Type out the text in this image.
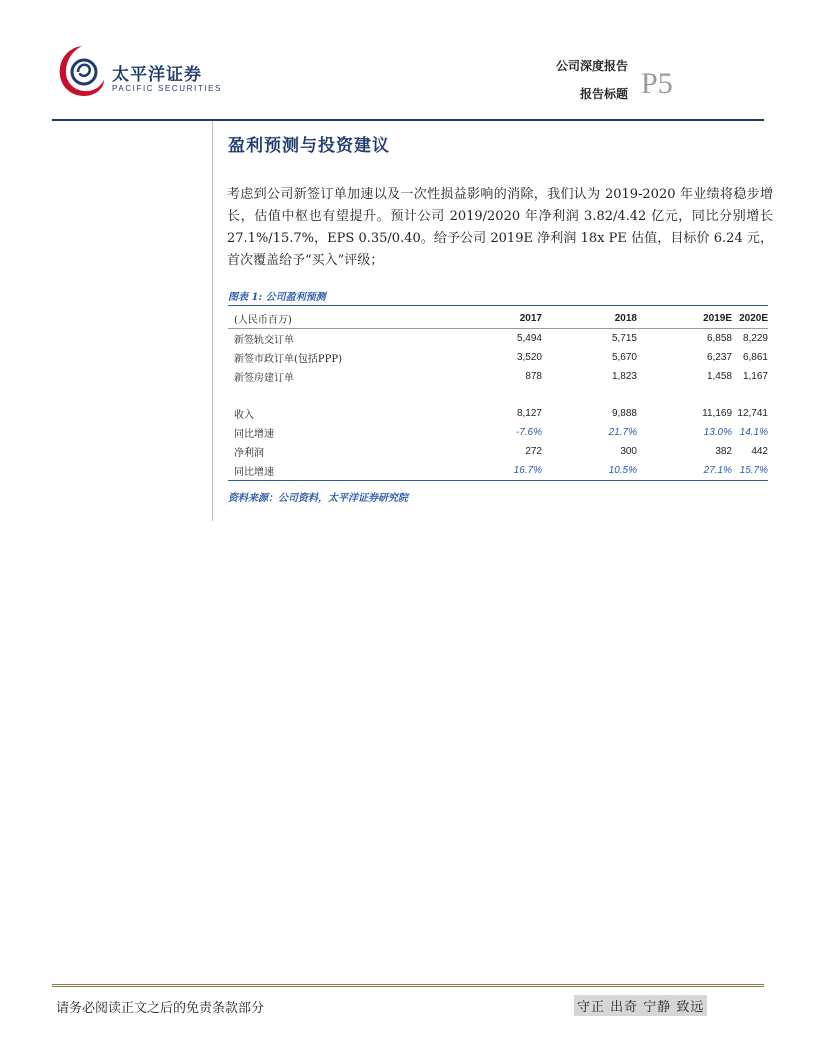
太平洋证券
PACIFIC SECURITIES
公司深度报告
报告标题 P5
盈利预测与投资建议
考虑到公司新签订单加速以及一次性损益影响的消除，我们认为 2019-2020 年业绩将稳步增长，估值中枢也有望提升。预计公司 2019/2020 年净利润 3.82/4.42 亿元，同比分别增长 27.1%/15.7%，EPS 0.35/0.40。给予公司 2019E 净利润 18x PE 估值，目标价 6.24 元，首次覆盖给予“买入”评级；
图表 1: 公司盈利预测
(人民币百万)	2017	2018	2019E	2020E
新签轨交订单	5,494	5,715	6,858	8,229
新签市政订单(包括PPP)	3,520	5,670	6,237	6,861
新签房建订单	878	1,823	1,458	1,167

收入	8,127	9,888	11,169	12,741
同比增速	-7.6%	21.7%	13.0%	14.1%
净利润	272	300	382	442
同比增速	16.7%	10.5%	27.1%	15.7%
资料来源：公司资料，太平洋证券研究院
请务必阅读正文之后的免责条款部分	守正 出奇 宁静 致远
